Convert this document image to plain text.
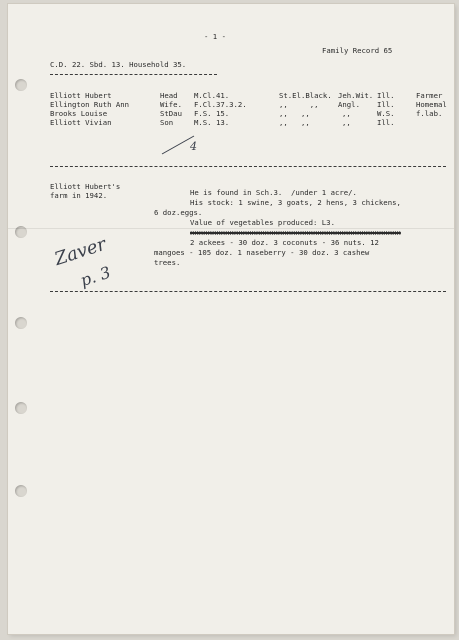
- 1 -
Family Record 65
C.D. 22. Sbd. 13. Household 35.
Elliott Hubert	Head M.Cl.41.	St.El.Black. Jeh.Wit. Ill.	Farmer
Ellington Ruth Ann	Wife. F.Cl.37.3.2.	,,     ,,	Angl. Ill.	Homemal
Brooks Louise	StDau F.S. 15.	,,   ,,	,,	W.S.	f.lab.
Elliott Vivian	Son	M.S. 13.	,,   ,,	,,	Ill.
4
Elliott Hubert's
farm in 1942.	He is found in Sch.3.  /under 1 acre/.
His stock: 1 swine, 3 goats, 2 hens, 3 chickens,
6 doz.eggs.
Value of vegetables produced: L3.
xxxxxxxxxxxxxxxxxxxxxxxxxxxxxxxxxxxxxxxxxxxxxxxx
2 ackees - 30 doz. 3 coconuts - 36 nuts. 12
mangoes - 105 doz. 1 naseberry - 30 doz. 3 cashew
trees.
Zaver
p. 3
